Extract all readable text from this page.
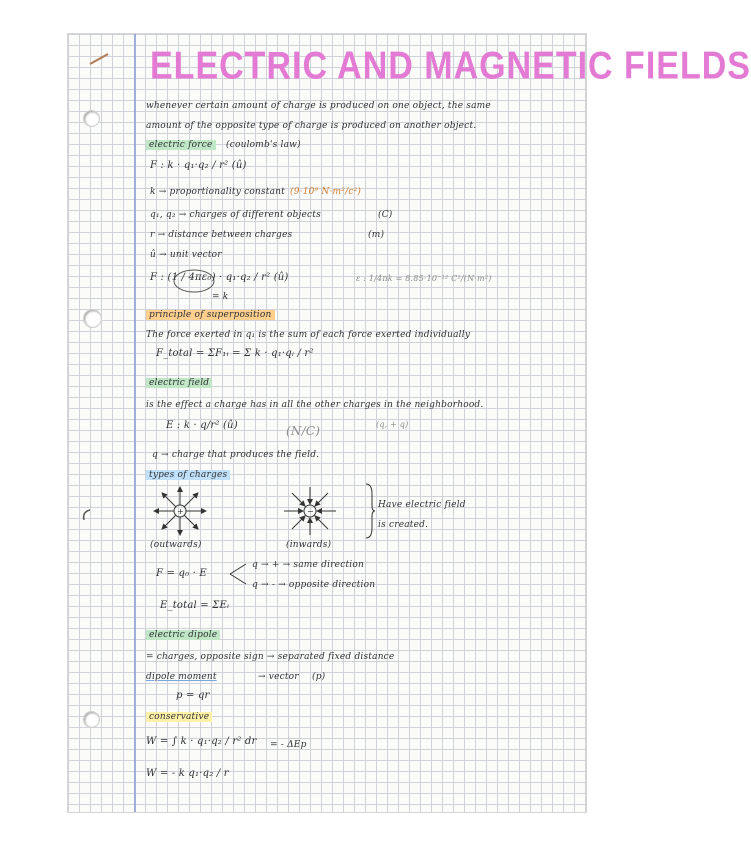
ELECTRIC AND MAGNETIC FIELDS
whenever certain amount of charge is produced on one object, the same
amount of the opposite type of charge is produced on another object.
electric force	(coulomb's law)
F : k · q₁·q₂ / r² (û)
k → proportionality constant (9·10⁹ N·m²/c²)
q₁, q₂ → charges of different objects	(C)
r → distance between charges	(m)
û → unit vector
F : (1 / 4πε₀) · q₁·q₂ / r² (û)
= k
ε : 1/4πk = 8.85·10⁻¹² C²/(N·m²)
principle of superposition
The force exerted in q₁ is the sum of each force exerted individually
F_total = ΣF₁ᵢ = Σ k · q₁·qᵢ / r²
electric field
is the effect a charge has in all the other charges in the neighborhood.
E : k · q/r² (û)	(N/C)	(q, + q)
q → charge that produces the field.
types of charges
+	−
Have electric field
is created.
(outwards)	(inwards)
F = q₀ · E
q → + → same direction
q → - → opposite direction
E_total = ΣEᵢ
electric dipole
= charges, opposite sign → separated fixed distance
dipole moment	→ vector (p)
p = qr
conservative
W = ∫ k · q₁·q₂ / r² dr = - ΔEp
W = - k q₁·q₂ / r
